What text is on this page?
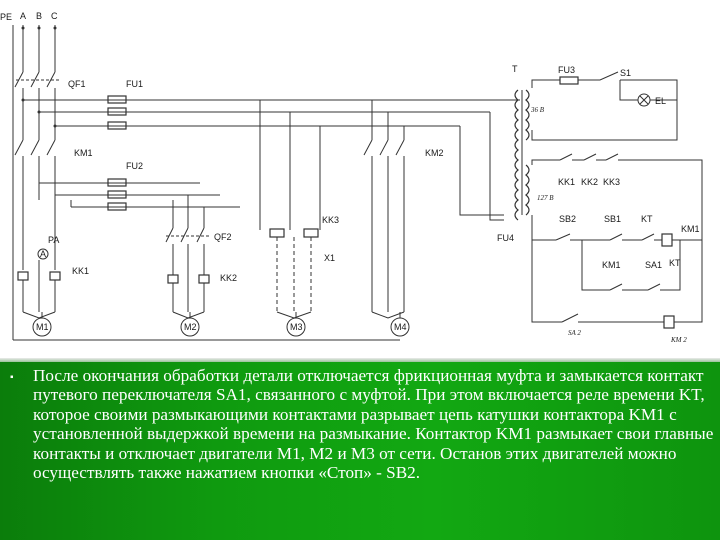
PE A B C
QF1
KM1
PA
A
KK1
FU1
FU2
QF2
KK2
KK3
X1
KM2
M1	M2	M3	M4
T
36 B
127 B
FU3	S1
EL
KK1 KK2 KK3
FU4
SB2	SB1 KT
KM1
KM1	SA1 KT
SA 2
KM 2
▪ После окончания обработки детали отключается фрикционная муфта и замыкается контакт путевого переключателя SA1, связанного с муфтой. При этом включается реле времени KT, которое своими размыкающими контактами разрывает цепь катушки контактора KM1 с установленной выдержкой времени на размыкание. Контактор KM1 размыкает свои главные контакты и отключает двигатели M1, M2 и M3 от сети. Останов этих двигателей можно осуществлять также нажатием кнопки «Стоп» - SB2.
